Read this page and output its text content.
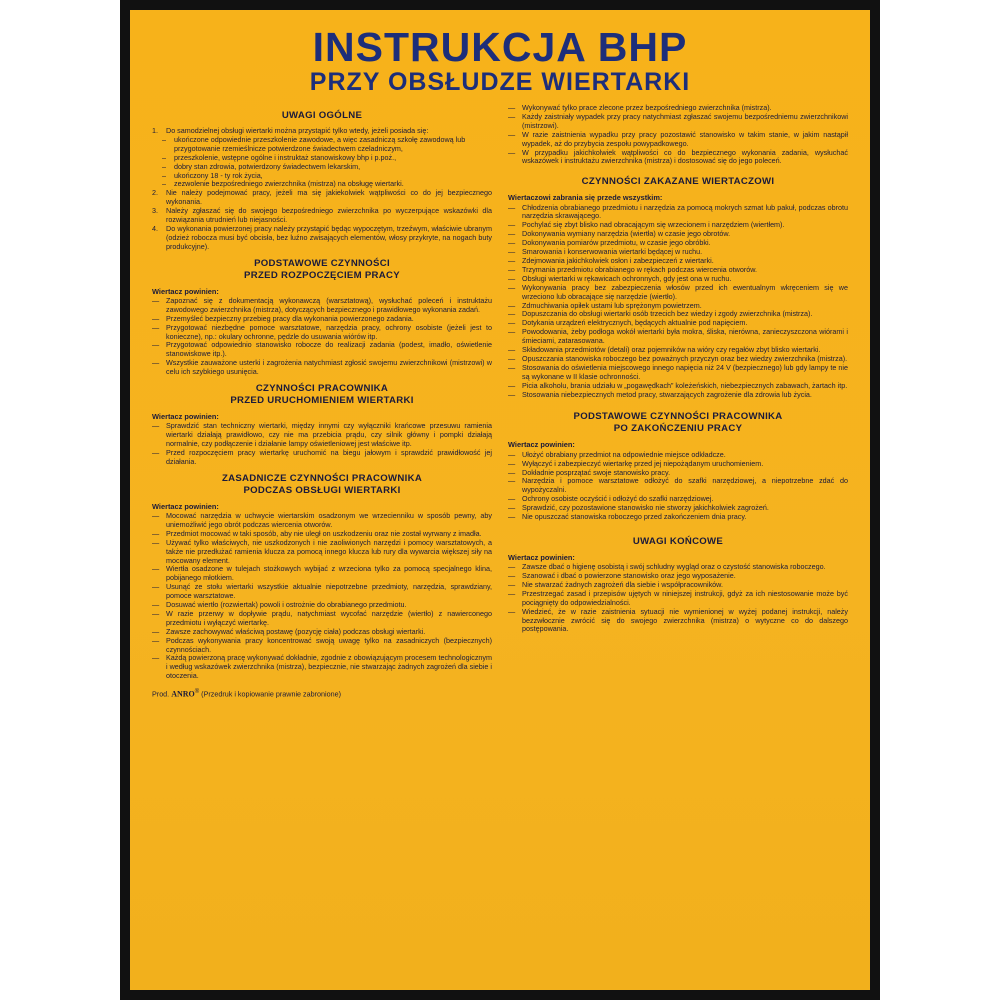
INSTRUKCJA BHP
PRZY OBSŁUDZE WIERTARKI
UWAGI OGÓLNE
1.	Do samodzielnej obsługi wiertarki można przystąpić tylko wtedy, jeżeli posiada się:
–
ukończone odpowiednie przeszkolenie zawodowe, a więc zasadniczą szkołę zawodową lub przygotowanie rzemieślnicze potwierdzone świadectwem czeladniczym,
–
przeszkolenie, wstępne ogólne i instruktaż stanowiskowy bhp i p.poż.,
–
dobry stan zdrowia, potwierdzony świadectwem lekarskim,
–
ukończony 18 - ty rok życia,
–
zezwolenie bezpośredniego zwierzchnika (mistrza) na obsługę wiertarki.
2.	Nie należy podejmować pracy, jeżeli ma się jakiekolwiek wątpliwości co do jej bezpiecznego wykonania.
3.	Należy zgłaszać się do swojego bezpośredniego zwierzchnika po wyczerpujące wskazówki dla rozwiązania utrudnień lub niejasności.
4.	Do wykonania powierzonej pracy należy przystąpić będąc wypoczętym, trzeźwym, właściwie ubranym (odzież robocza musi być obcisła, bez luźno zwisających elementów, włosy przykryte, na nogach buty produkcyjne).
PODSTAWOWE CZYNNOŚCI
PRZED ROZPOCZĘCIEM PRACY
Wiertacz powinien:
—
Zapoznać się z dokumentacją wykonawczą (warsztatową), wysłuchać poleceń i instruktażu zawodowego zwierzchnika (mistrza), dotyczących bezpiecznego i prawidłowego wykonania zadań.
—
Przemyśleć bezpieczny przebieg pracy dla wykonania powierzonego zadania.
—
Przygotować niezbędne pomoce warsztatowe, narzędzia pracy, ochrony osobiste (jeżeli jest to konieczne), np.: okulary ochronne, pędzle do usuwania wiórów itp.
—
Przygotować odpowiednio stanowisko robocze do realizacji zadania (podest, imadło, oświetlenie stanowiskowe itp.).
—
Wszystkie zauważone usterki i zagrożenia natychmiast zgłosić swojemu zwierzchnikowi (mistrzowi) w celu ich szybkiego usunięcia.
CZYNNOŚCI PRACOWNIKA
PRZED URUCHOMIENIEM WIERTARKI
Wiertacz powinien:
—
Sprawdzić stan techniczny wiertarki, między innymi czy wyłączniki krańcowe przesuwu ramienia wiertarki działają prawidłowo, czy nie ma przebicia prądu, czy silnik główny i pompki działają normalnie, czy podłączenie i działanie lampy oświetleniowej jest właściwe itp.
—
Przed rozpoczęciem pracy wiertarkę uruchomić na biegu jałowym i sprawdzić prawidłowość jej działania.
ZASADNICZE CZYNNOŚCI PRACOWNIKA
PODCZAS OBSŁUGI WIERTARKI
Wiertacz powinien:
—
Mocować narzędzia w uchwycie wiertarskim osadzonym we wrzecienniku w sposób pewny, aby uniemożliwić jego obrót podczas wiercenia otworów.
—
Przedmiot mocować w taki sposób, aby nie uległ on uszkodzeniu oraz nie został wyrwany z imadła.
—
Używać tylko właściwych, nie uszkodzonych i nie zaoliwionych narzędzi i pomocy warsztatowych, a także nie przedłużać ramienia klucza za pomocą innego klucza lub rury dla wywarcia większej siły na mocowany element.
—
Wiertła osadzone w tulejach stożkowych wybijać z wrzeciona tylko za pomocą specjalnego klina, pobijanego młotkiem.
—
Usunąć ze stołu wiertarki wszystkie aktualnie niepotrzebne przedmioty, narzędzia, sprawdziany, pomoce warsztatowe.
—
Dosuwać wiertło (rozwiertak) powoli i ostrożnie do obrabianego przedmiotu.
—
W razie przerwy w dopływie prądu, natychmiast wycofać narzędzie (wiertło) z nawierconego przedmiotu i wyłączyć wiertarkę.
—
Zawsze zachowywać właściwą postawę (pozycję ciała) podczas obsługi wiertarki.
—
Podczas wykonywania pracy koncentrować swoją uwagę tylko na zasadniczych (bezpiecznych) czynnościach.
—
Każdą powierzoną pracę wykonywać dokładnie, zgodnie z obowiązującym procesem technologicznym i według wskazówek zwierzchnika (mistrza), bezpiecznie, nie stwarzając żadnych zagrożeń dla siebie i otoczenia.
Prod. ANRO® (Przedruk i kopiowanie prawnie zabronione)
—
Wykonywać tylko prace zlecone przez bezpośredniego zwierzchnika (mistrza).
—
Każdy zaistniały wypadek przy pracy natychmiast zgłaszać swojemu bezpośredniemu zwierzchnikowi (mistrzowi).
—
W razie zaistnienia wypadku przy pracy pozostawić stanowisko w takim stanie, w jakim nastąpił wypadek, aż do przybycia zespołu powypadkowego.
—
W przypadku jakichkolwiek wątpliwości co do bezpiecznego wykonania zadania, wysłuchać wskazówek i instruktażu zwierzchnika (mistrza) i dostosować się do jego poleceń.
CZYNNOŚCI ZAKAZANE WIERTACZOWI
Wiertaczowi zabrania się przede wszystkim:
—
Chłodzenia obrabianego przedmiotu i narzędzia za pomocą mokrych szmat lub pakuł, podczas obrotu narzędzia skrawającego.
—
Pochylać się zbyt blisko nad obracającym się wrzecionem i narzędziem (wiertłem).
—
Dokonywania wymiany narzędzia (wiertła) w czasie jego obrotów.
—
Dokonywania pomiarów przedmiotu, w czasie jego obróbki.
—
Smarowania i konserwowania wiertarki będącej w ruchu.
—
Zdejmowania jakichkolwiek osłon i zabezpieczeń z wiertarki.
—
Trzymania przedmiotu obrabianego w rękach podczas wiercenia otworów.
—
Obsługi wiertarki w rękawicach ochronnych, gdy jest ona w ruchu.
—
Wykonywania pracy bez zabezpieczenia włosów przed ich ewentualnym wkręceniem się we wrzeciono lub obracające się narzędzie (wiertło).
—
Zdmuchiwania opiłek ustami lub sprężonym powietrzem.
—
Dopuszczania do obsługi wiertarki osób trzecich bez wiedzy i zgody zwierzchnika (mistrza).
—
Dotykania urządzeń elektrycznych, będących aktualnie pod napięciem.
—
Powodowania, żeby podłoga wokół wiertarki była mokra, śliska, nierówna, zanieczyszczona wiórami i śmieciami, zatarasowana.
—
Składowania przedmiotów (detali) oraz pojemników na wióry czy regałów zbyt blisko wiertarki.
—
Opuszczania stanowiska roboczego bez poważnych przyczyn oraz bez wiedzy zwierzchnika (mistrza).
—
Stosowania do oświetlenia miejscowego innego napięcia niż 24 V (bezpiecznego) lub gdy lampy te nie są wykonane w II klasie ochronności.
—
Picia alkoholu, brania udziału w „pogawędkach” koleżeńskich, niebezpiecznych zabawach, żartach itp.
—
Stosowania niebezpiecznych metod pracy, stwarzających zagrożenie dla zdrowia lub życia.
PODSTAWOWE CZYNNOŚCI PRACOWNIKA
PO ZAKOŃCZENIU PRACY
Wiertacz powinien:
—
Ułożyć obrabiany przedmiot na odpowiednie miejsce odkładcze.
—
Wyłączyć i zabezpieczyć wiertarkę przed jej niepożądanym uruchomieniem.
—
Dokładnie posprzątać swoje stanowisko pracy.
—
Narzędzia i pomoce warsztatowe odłożyć do szafki narzędziowej, a niepotrzebne zdać do wypożyczalni.
—
Ochrony osobiste oczyścić i odłożyć do szafki narzędziowej.
—
Sprawdzić, czy pozostawione stanowisko nie stworzy jakichkolwiek zagrożeń.
—
Nie opuszczać stanowiska roboczego przed zakończeniem dnia pracy.
UWAGI KOŃCOWE
Wiertacz powinien:
—
Zawsze dbać o higienę osobistą i swój schludny wygląd oraz o czystość stanowiska roboczego.
—
Szanować i dbać o powierzone stanowisko oraz jego wyposażenie.
—
Nie stwarzać żadnych zagrożeń dla siebie i współpracowników.
—
Przestrzegać zasad i przepisów ujętych w niniejszej instrukcji, gdyż za ich niestosowanie może być pociągnięty do odpowiedzialności.
—
Wiedzieć, że w razie zaistnienia sytuacji nie wymienionej w wyżej podanej instrukcji, należy bezzwłocznie zwrócić się do swojego zwierzchnika (mistrza) o wytyczne co do dalszego postępowania.
